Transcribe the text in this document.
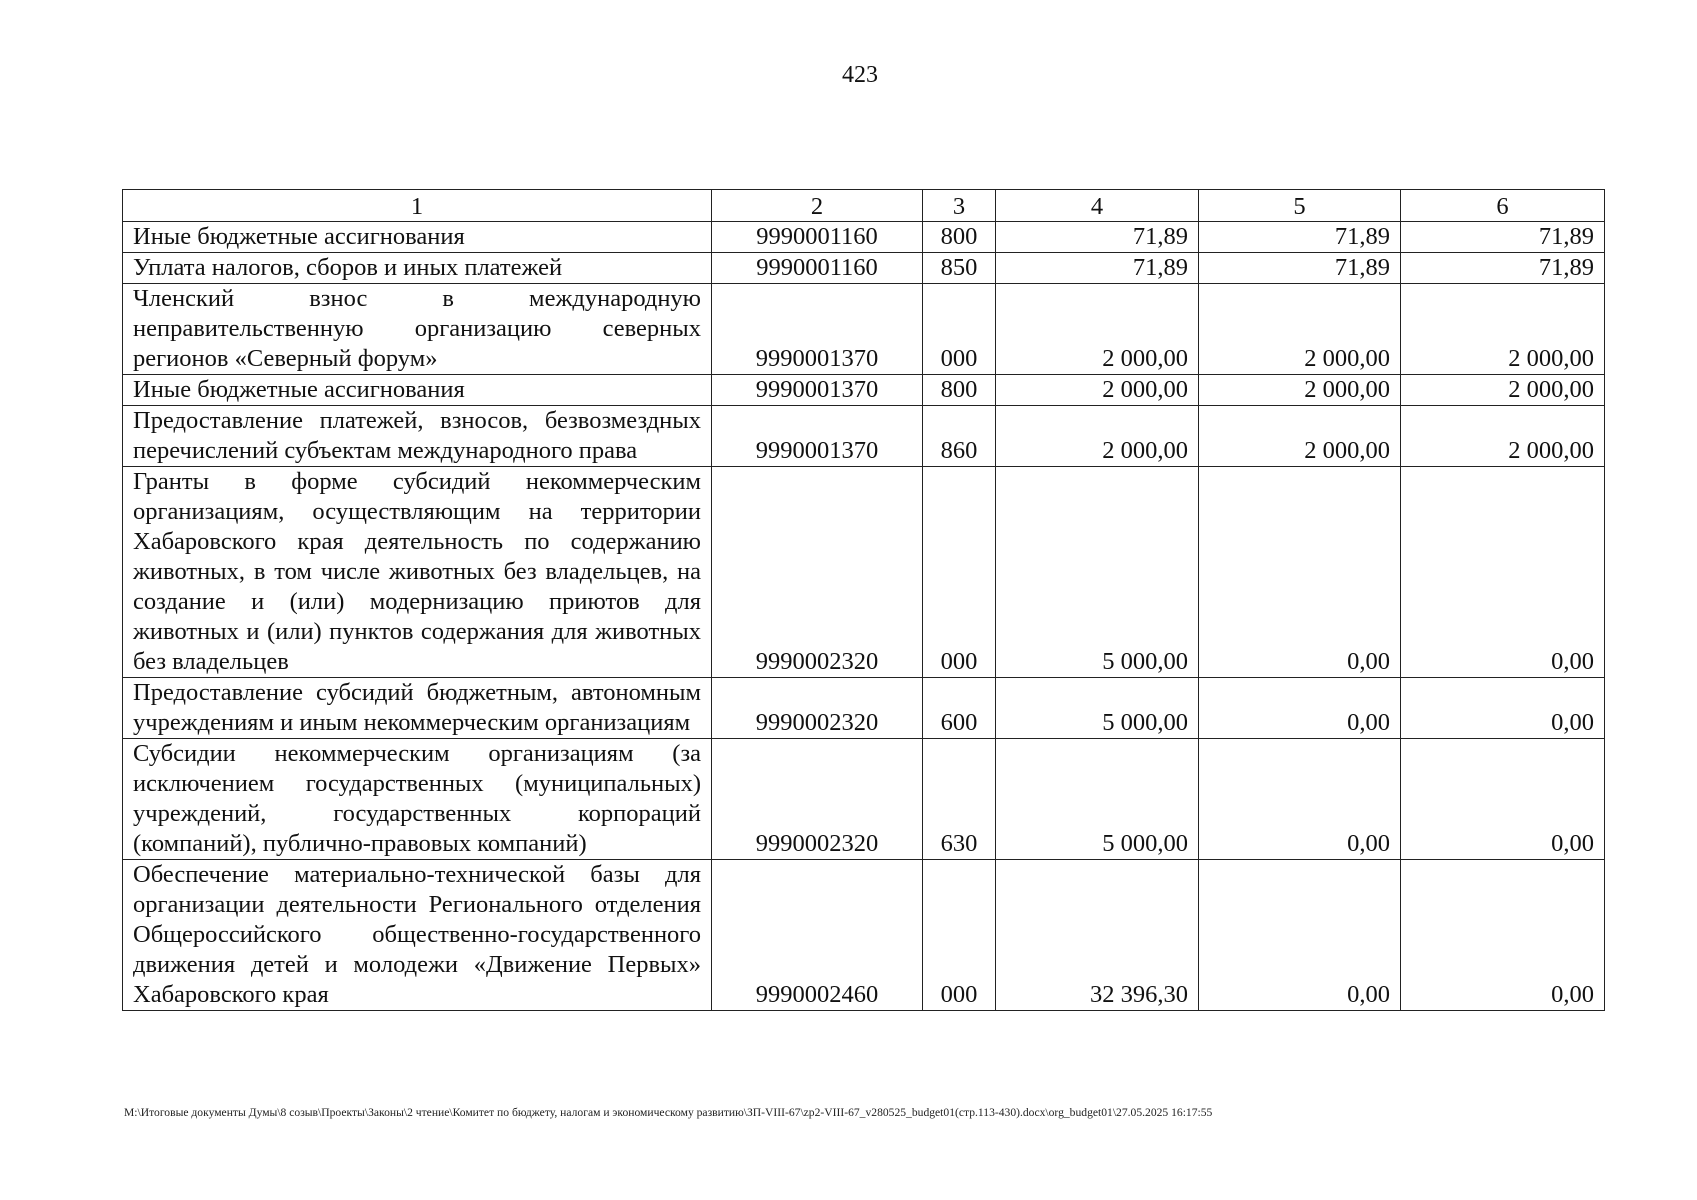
423
1	2	3	4	5	6
Иные бюджетные ассигнования	9990001160	800	71,89	71,89	71,89
Уплата налогов, сборов и иных платежей	9990001160	850	71,89	71,89	71,89
Членский взнос в международную неправительственную организацию северных регионов «Северный форум»	9990001370	000	2 000,00	2 000,00	2 000,00
Иные бюджетные ассигнования	9990001370	800	2 000,00	2 000,00	2 000,00
Предоставление платежей, взносов, безвозмездных перечислений субъектам международного права	9990001370	860	2 000,00	2 000,00	2 000,00
Гранты в форме субсидий некоммерческим организациям, осуществляющим на территории Хабаровского края деятельность по содержанию животных, в том числе животных без владельцев, на создание и (или) модернизацию приютов для животных и (или) пунктов содержания для животных без владельцев	9990002320	000	5 000,00	0,00	0,00
Предоставление субсидий бюджетным, автономным учреждениям и иным некоммерческим организациям	9990002320	600	5 000,00	0,00	0,00
Субсидии некоммерческим организациям (за исключением государственных (муниципальных) учреждений, государственных корпораций (компаний), публично-правовых компаний)	9990002320	630	5 000,00	0,00	0,00
Обеспечение материально-технической базы для организации деятельности Регионального отделения Общероссийского общественно-государственного движения детей и молодежи «Движение Первых» Хабаровского края	9990002460	000	32 396,30	0,00	0,00
M:\Итоговые документы Думы\8 созыв\Проекты\Законы\2 чтение\Комитет по бюджету, налогам и экономическому развитию\ЗП-VIII-67\zp2-VIII-67_v280525_budget01(стр.113-430).docx\org_budget01\27.05.2025 16:17:55
